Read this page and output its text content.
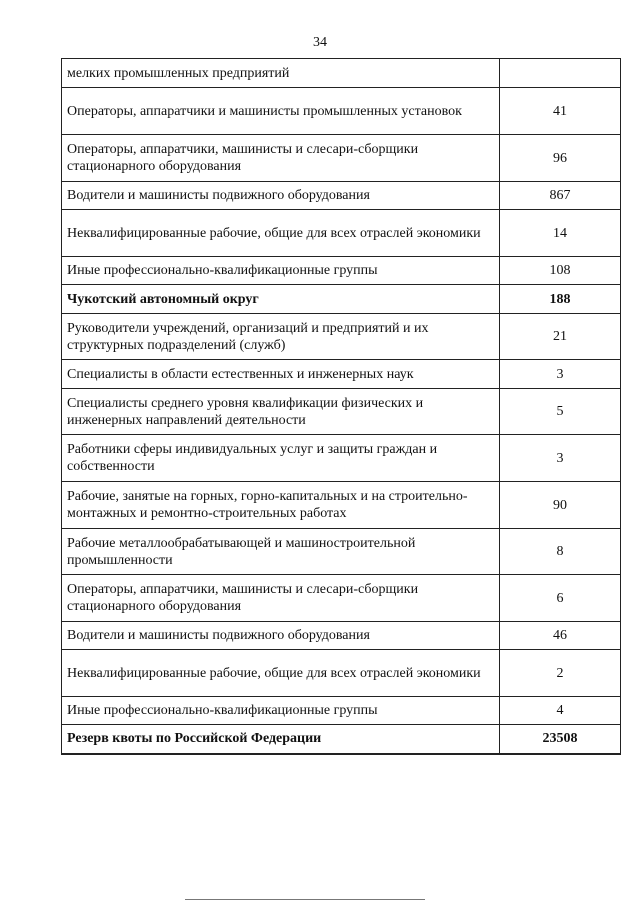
34
мелких промышленных предприятий	
Операторы, аппаратчики и машинисты промышленных установок	41
Операторы, аппаратчики, машинисты и слесари-сборщики стационарного оборудования	96
Водители и машинисты подвижного оборудования	867
Неквалифицированные рабочие, общие для всех отраслей экономики	14
Иные профессионально-квалификационные группы	108
Чукотский автономный округ	188
Руководители учреждений, организаций и предприятий и их структурных подразделений (служб)	21
Специалисты в области естественных и инженерных наук	3
Специалисты среднего уровня квалификации физических и инженерных направлений деятельности	5
Работники сферы индивидуальных услуг и защиты граждан и собственности	3
Рабочие, занятые на горных, горно-капитальных и на строительно-монтажных и ремонтно-строительных работах	90
Рабочие металлообрабатывающей и машиностроительной промышленности	8
Операторы, аппаратчики, машинисты и слесари-сборщики стационарного оборудования	6
Водители и машинисты подвижного оборудования	46
Неквалифицированные рабочие, общие для всех отраслей экономики	2
Иные профессионально-квалификационные группы	4
Резерв квоты по Российской Федерации	23508
